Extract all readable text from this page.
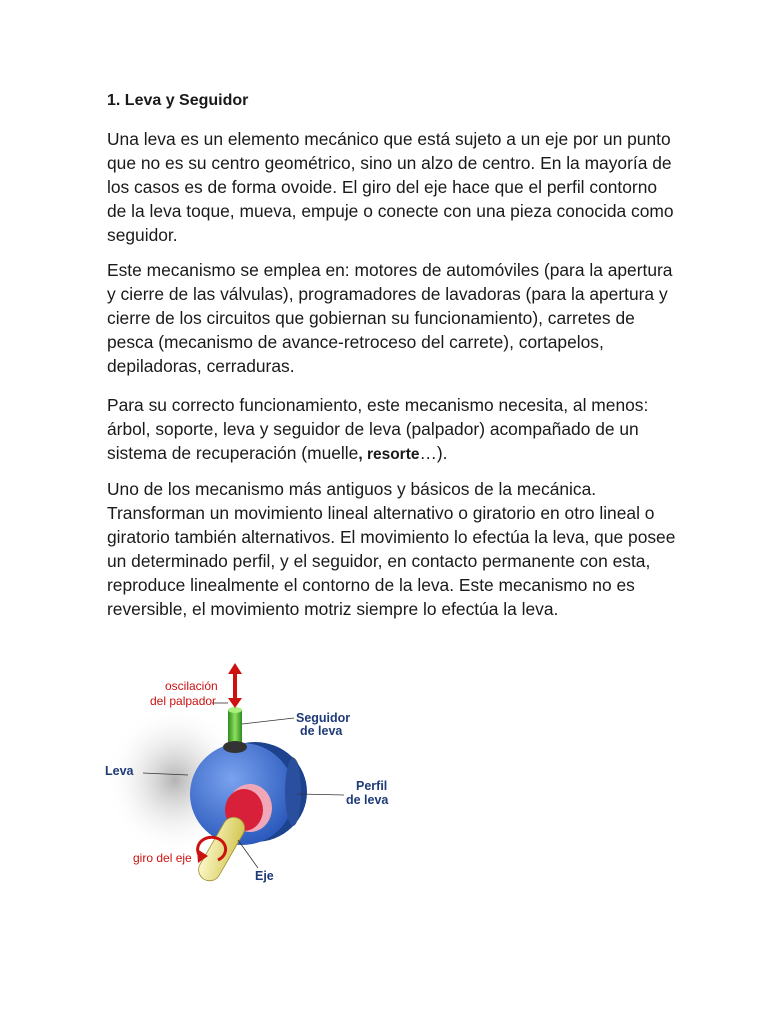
1. Leva y Seguidor

Una leva es un elemento mecánico que está sujeto a un eje por un punto que no es su centro geométrico, sino un alzo de centro. En la mayoría de los casos es de forma ovoide. El giro del eje hace que el perfil contorno de la leva toque, mueva, empuje o conecte con una pieza conocida como seguidor.

Este mecanismo se emplea en: motores de automóviles (para la apertura y cierre de las válvulas), programadores de lavadoras (para la apertura y cierre de los circuitos que gobiernan su funcionamiento), carretes de pesca (mecanismo de avance-retroceso del carrete), cortapelos, depiladoras, cerraduras.

Para su correcto funcionamiento, este mecanismo necesita, al menos: árbol, soporte, leva y seguidor de leva (palpador) acompañado de un sistema de recuperación (muelle, resorte…).

Uno de los mecanismo más antiguos y básicos de la mecánica. Transforman un movimiento lineal alternativo o giratorio en otro lineal o giratorio también alternativos. El movimiento lo efectúa la leva, que posee un determinado perfil, y el seguidor, en contacto permanente con esta, reproduce linealmente el contorno de la leva. Este mecanismo no es reversible, el movimiento motriz siempre lo efectúa la leva.

oscilación
del palpador
Seguidor
de leva
Leva
Perfil
de leva
giro del eje
Eje
